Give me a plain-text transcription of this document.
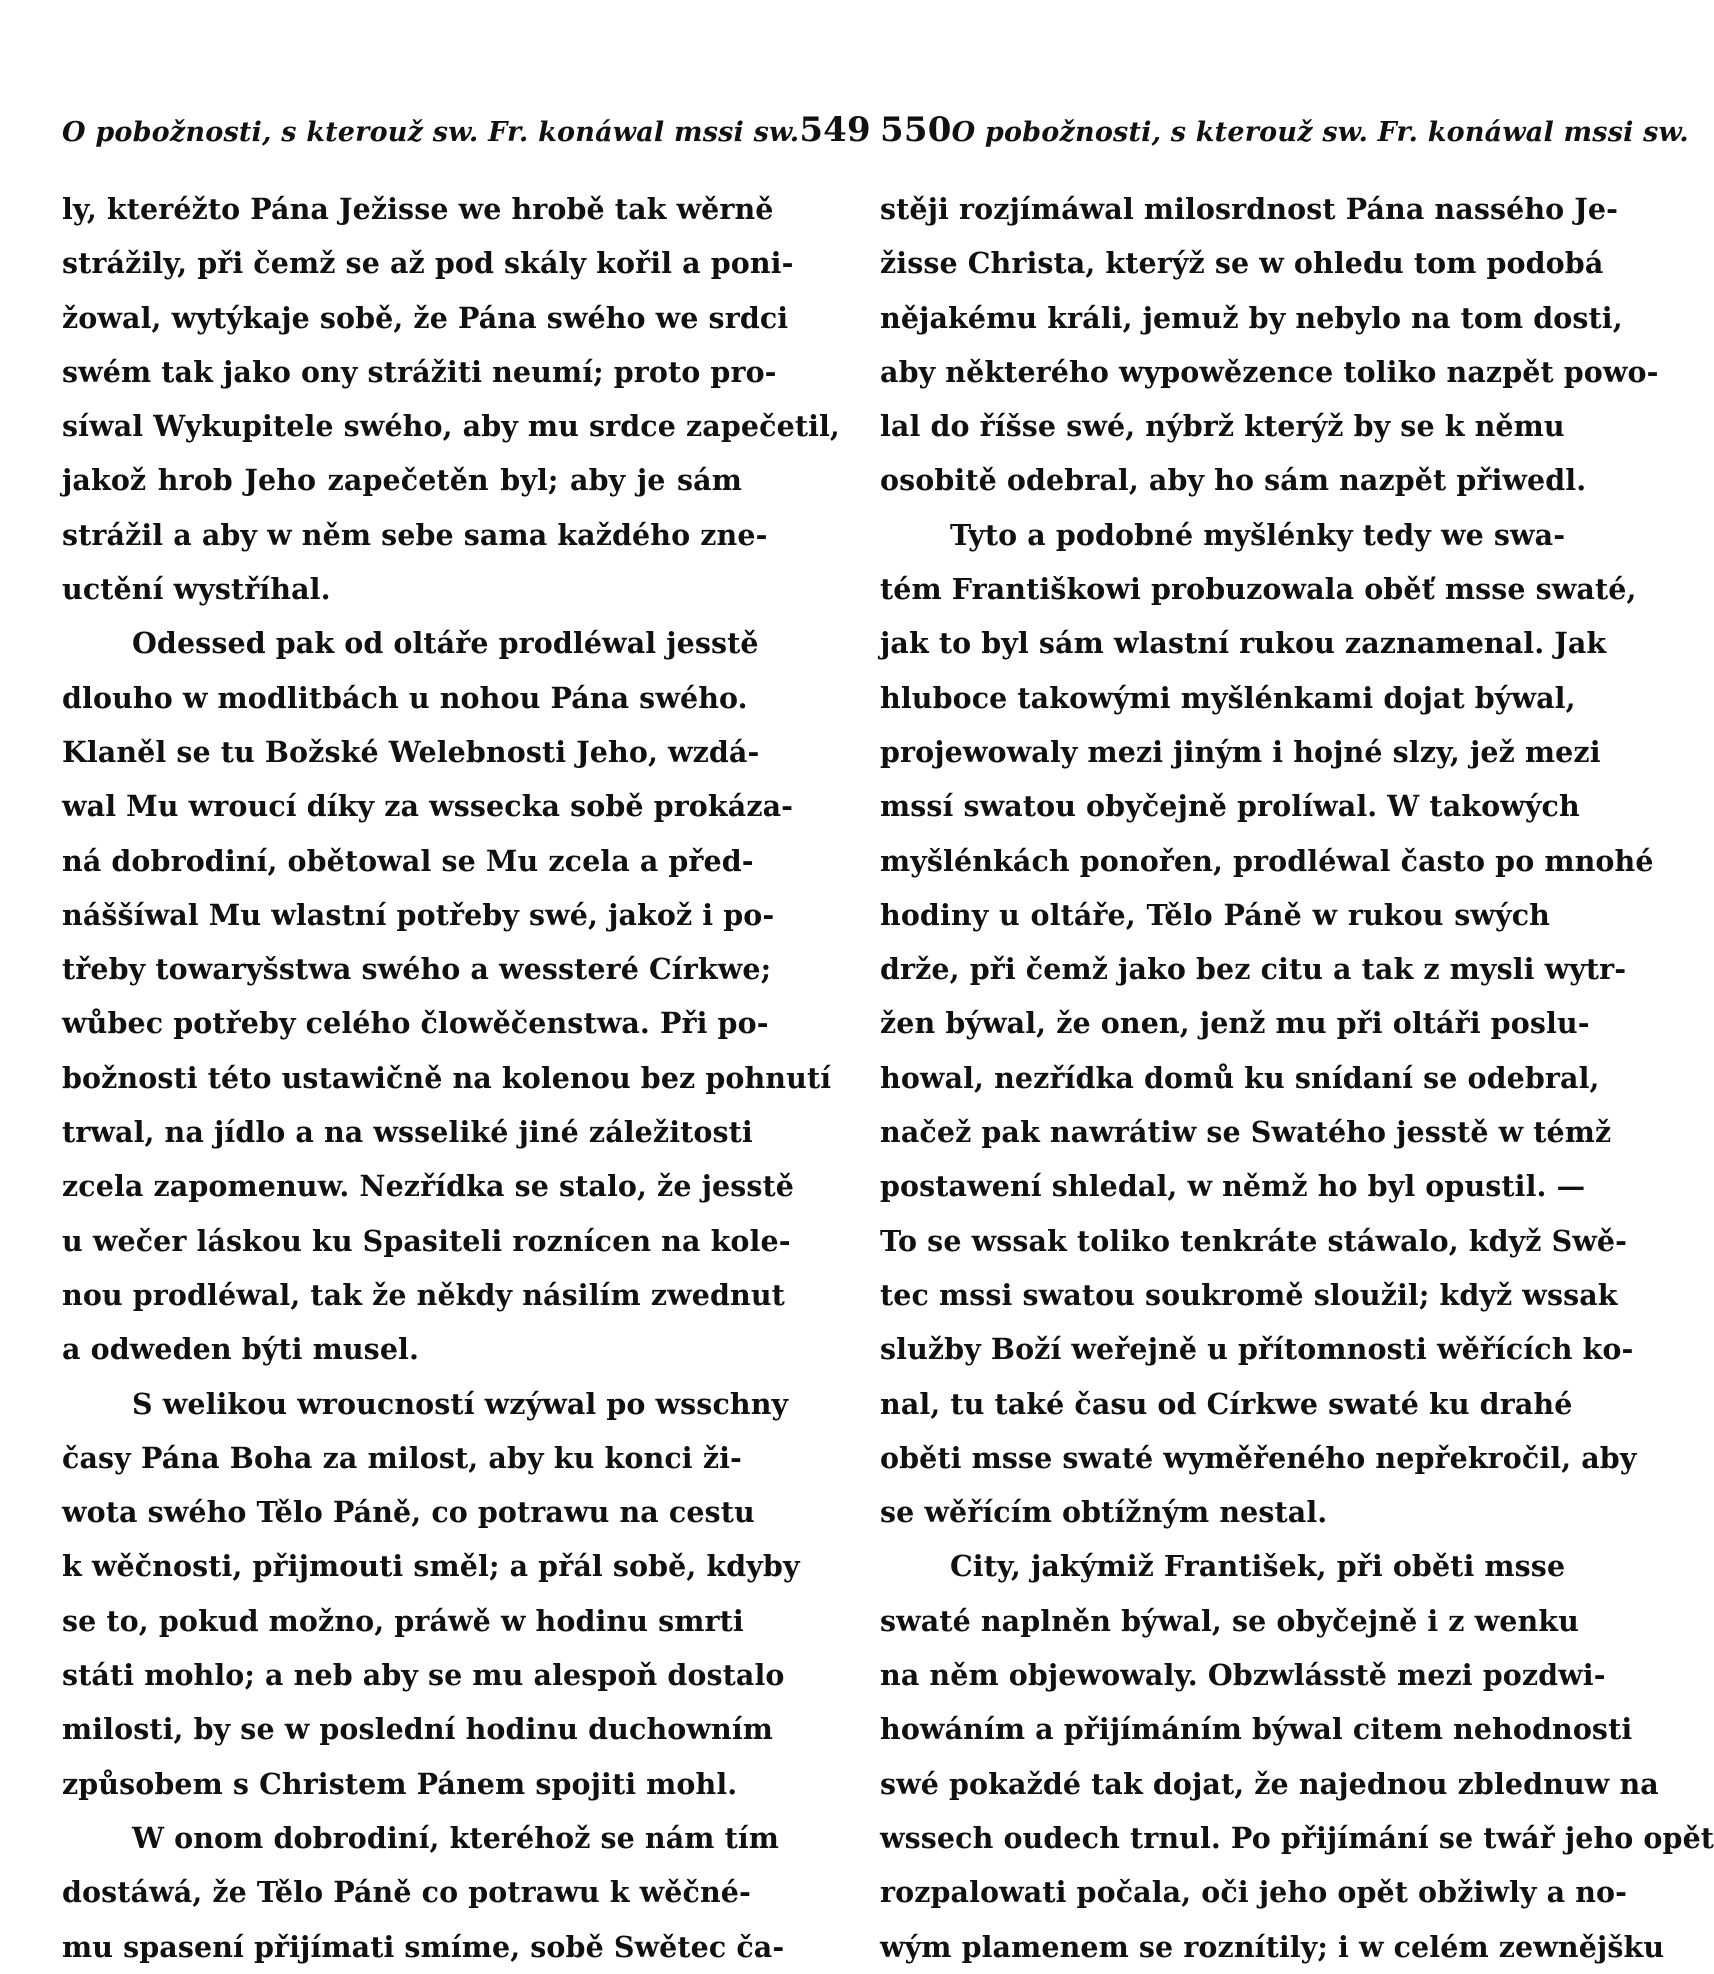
O pobožnosti, s kterouž sw. Fr. konáwal mssi sw. 549
ly, kteréžto Pána Ježisse we hrobě tak wěrně
strážily, při čemž se až pod skály kořil a poni-
žowal, wytýkaje sobě, že Pána swého we srdci
swém tak jako ony strážiti neumí; proto pro-
síwal Wykupitele swého, aby mu srdce zapečetil,
jakož hrob Jeho zapečetěn byl; aby je sám
strážil a aby w něm sebe sama každého zne-
uctění wystříhal.
Odessed pak od oltáře prodléwal jesstě
dlouho w modlitbách u nohou Pána swého.
Klaněl se tu Božské Welebnosti Jeho, wzdá-
wal Mu wroucí díky za wssecka sobě prokáza-
ná dobrodiní, obětowal se Mu zcela a před-
náššíwal Mu wlastní potřeby swé, jakož i po-
třeby towaryšstwa swého a wessteré Církwe;
wůbec potřeby celého člowěčenstwa. Při po-
božnosti této ustawičně na kolenou bez pohnutí
trwal, na jídlo a na wsseliké jiné záležitosti
zcela zapomenuw. Nezřídka se stalo, že jesstě
u wečer láskou ku Spasiteli roznícen na kole-
nou prodléwal, tak že někdy násilím zwednut
a odweden býti musel.
S welikou wroucností wzýwal po wsschny
časy Pána Boha za milost, aby ku konci ži-
wota swého Tělo Páně, co potrawu na cestu
k wěčnosti, přijmouti směl; a přál sobě, kdyby
se to, pokud možno, práwě w hodinu smrti
státi mohlo; a neb aby se mu alespoň dostalo
milosti, by se w poslední hodinu duchowním
způsobem s Christem Pánem spojiti mohl.
W onom dobrodiní, kteréhož se nám tím
dostáwá, že Tělo Páně co potrawu k wěčné-
mu spasení přijímati smíme, sobě Swětec ča-
550 O pobožnosti, s kterouž sw. Fr. konáwal mssi sw.
stěji rozjímáwal milosrdnost Pána nassého Je-
žisse Christa, kterýž se w ohledu tom podobá
nějakému králi, jemuž by nebylo na tom dosti,
aby některého wypowězence toliko nazpět powo-
lal do říšse swé, nýbrž kterýž by se k němu
osobitě odebral, aby ho sám nazpět přiwedl.
Tyto a podobné myšlénky tedy we swa-
tém Františkowi probuzowala oběť msse swaté,
jak to byl sám wlastní rukou zaznamenal. Jak
hluboce takowými myšlénkami dojat býwal,
projewowaly mezi jiným i hojné slzy, jež mezi
mssí swatou obyčejně prolíwal. W takowých
myšlénkách ponořen, prodléwal často po mnohé
hodiny u oltáře, Tělo Páně w rukou swých
drže, při čemž jako bez citu a tak z mysli wytr-
žen býwal, že onen, jenž mu při oltáři poslu-
howal, nezřídka domů ku snídaní se odebral,
načež pak nawrátiw se Swatého jesstě w témž
postawení shledal, w němž ho byl opustil. —
To se wssak toliko tenkráte stáwalo, když Swě-
tec mssi swatou soukromě sloužil; když wssak
služby Boží weřejně u přítomnosti wěřících ko-
nal, tu také času od Církwe swaté ku drahé
oběti msse swaté wyměřeného nepřekročil, aby
se wěřícím obtížným nestal.
City, jakýmiž František, při oběti msse
swaté naplněn býwal, se obyčejně i z wenku
na něm objewowaly. Obzwlásstě mezi pozdwi-
howáním a přijímáním býwal citem nehodnosti
swé pokaždé tak dojat, že najednou zblednuw na
wssech oudech trnul. Po přijímání se twář jeho opět
rozpalowati počala, oči jeho opět obžiwly a no-
wým plamenem se roznítily; i w celém zewnějšku
